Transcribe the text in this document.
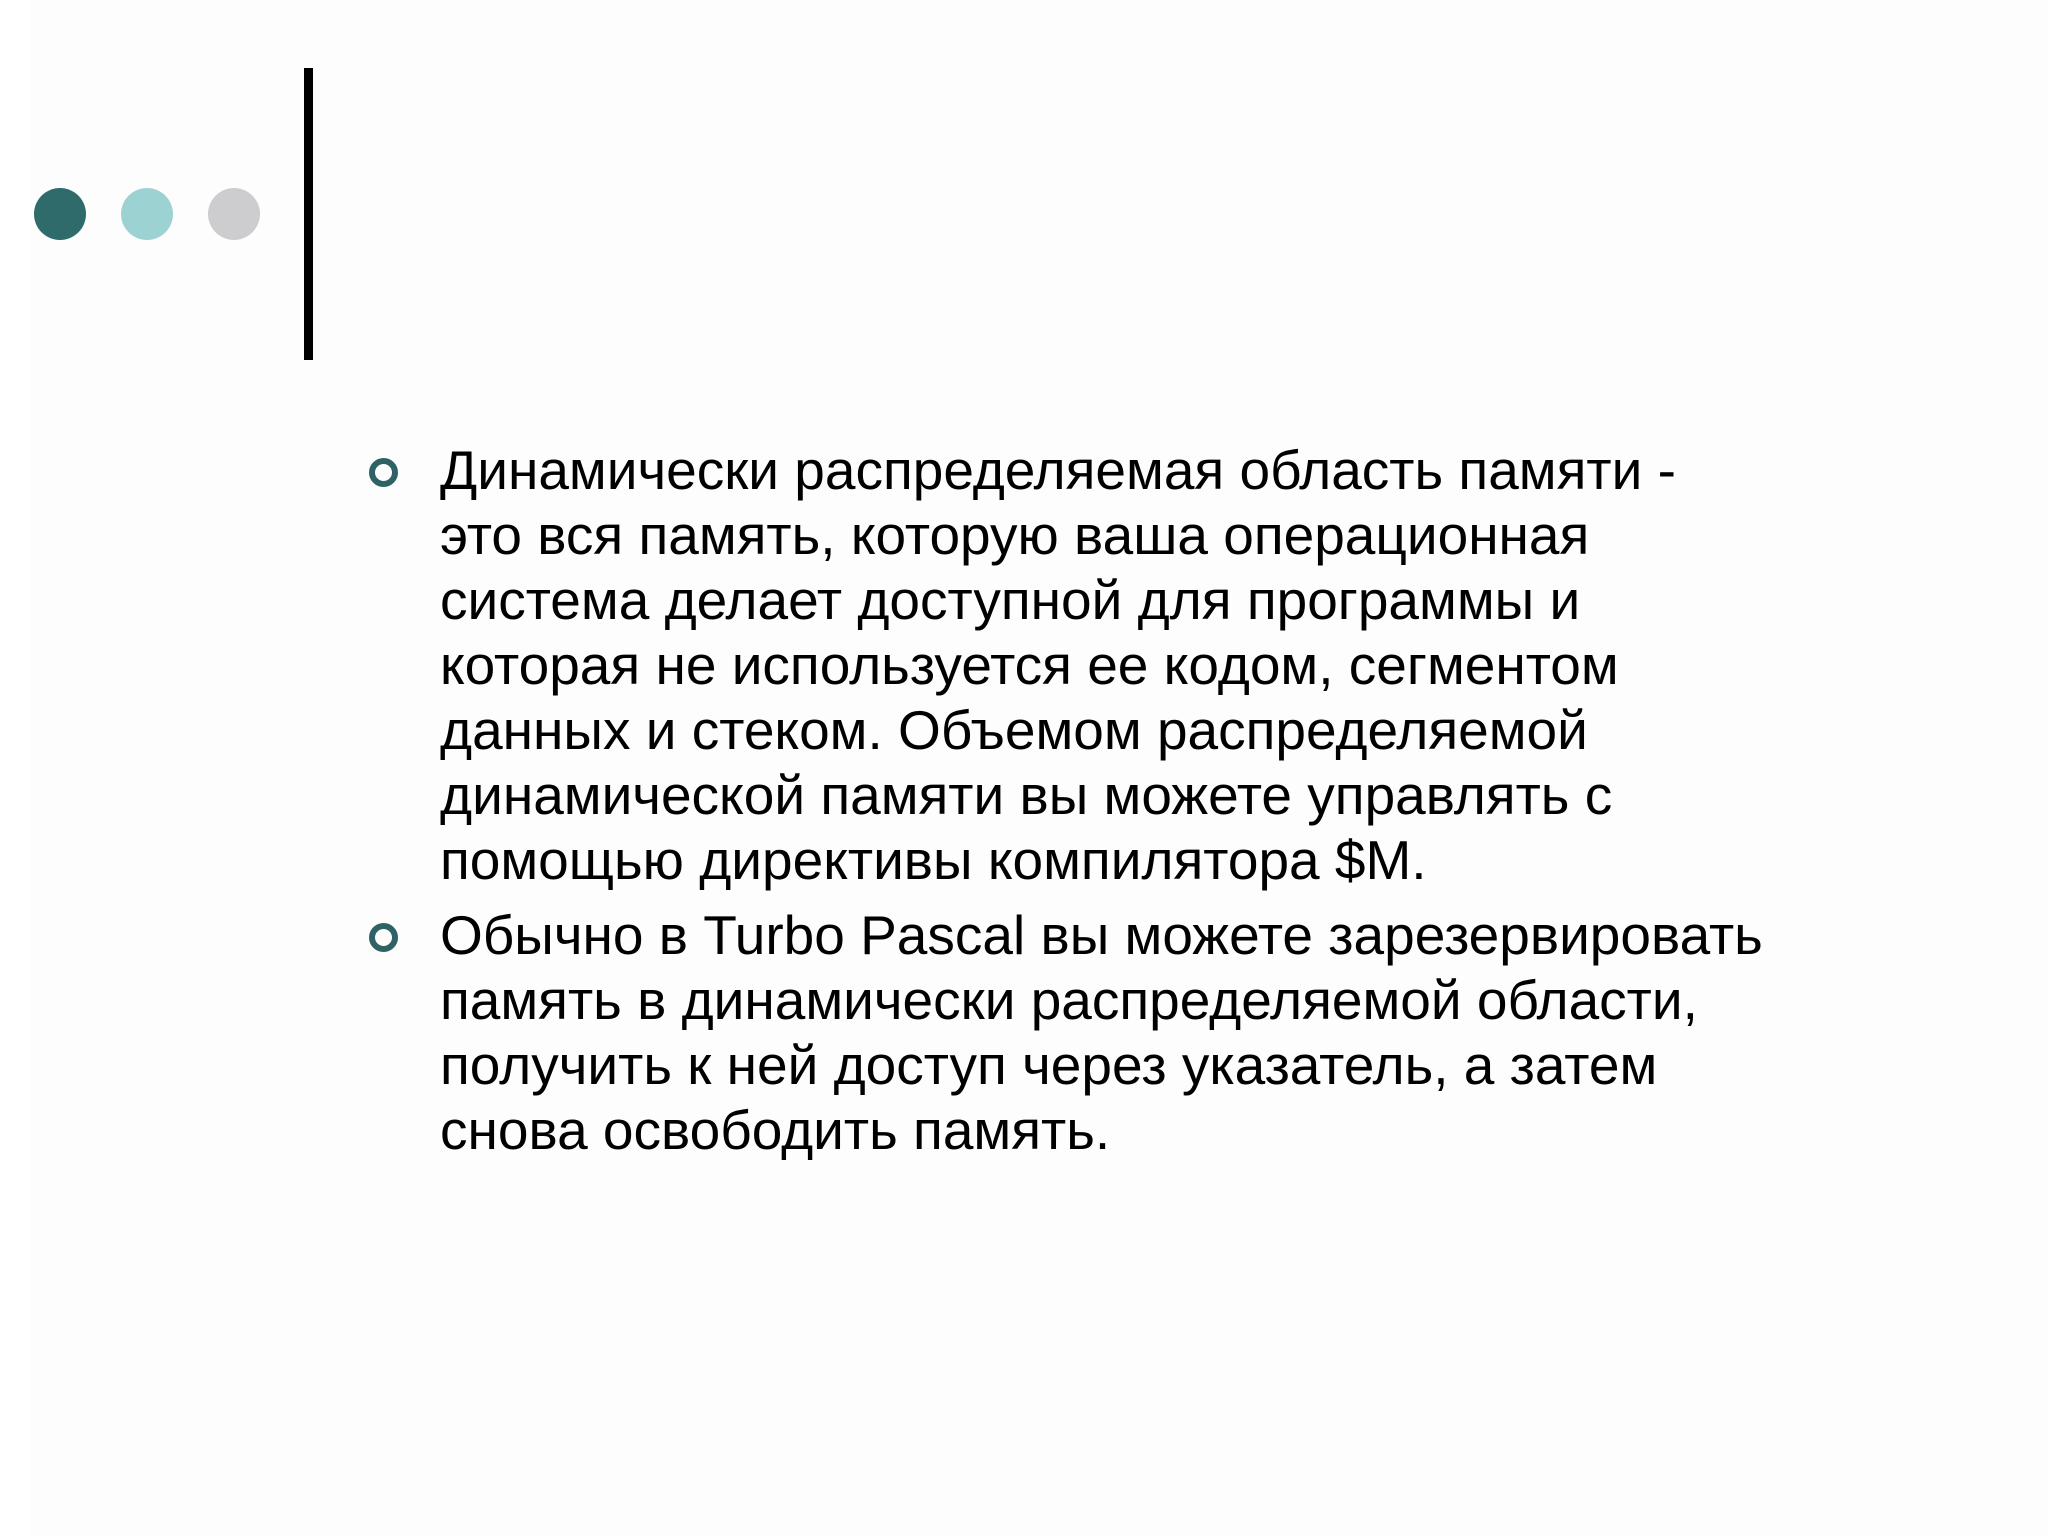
Динамически распределяемая область памяти -
это вся память, которую ваша операционная
система делает доступной для программы и
которая не используется ее кодом, сегментом
данных и стеком. Объемом распределяемой
динамической памяти вы можете управлять с
помощью директивы компилятора $M.
Обычно в Turbo Pascal вы можете зарезервировать
память в динамически распределяемой области,
получить к ней доступ через указатель, а затем
снова освободить память.
